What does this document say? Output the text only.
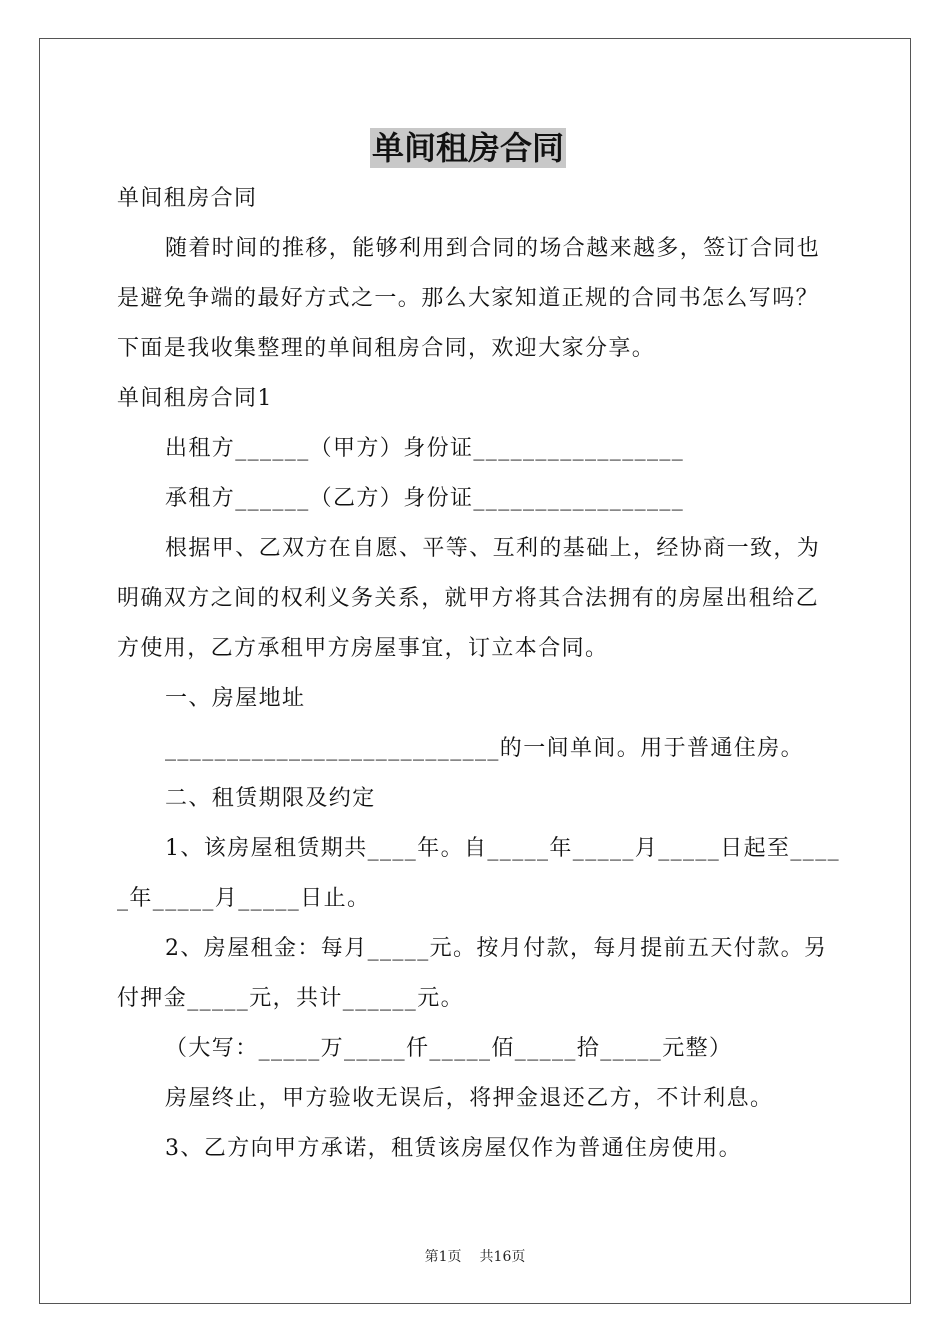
单间租房合同
单间租房合同
随着时间的推移，能够利用到合同的场合越来越多，签订合同也
是避免争端的最好方式之一。那么大家知道正规的合同书怎么写吗？
下面是我收集整理的单间租房合同，欢迎大家分享。
单间租房合同1
出租方______（甲方）身份证_________________
承租方______（乙方）身份证_________________
根据甲、乙双方在自愿、平等、互利的基础上，经协商一致，为
明确双方之间的权利义务关系，就甲方将其合法拥有的房屋出租给乙
方使用，乙方承租甲方房屋事宜，订立本合同。
一、房屋地址
___________________________的一间单间。用于普通住房。
二、租赁期限及约定
1、该房屋租赁期共____年。自_____年_____月_____日起至____
_年_____月_____日止。
2、房屋租金：每月_____元。按月付款，每月提前五天付款。另
付押金_____元，共计______元。
（大写：_____万_____仟_____佰_____拾_____元整）
房屋终止，甲方验收无误后，将押金退还乙方，不计利息。
3、乙方向甲方承诺，租赁该房屋仅作为普通住房使用。
第1页 共16页
